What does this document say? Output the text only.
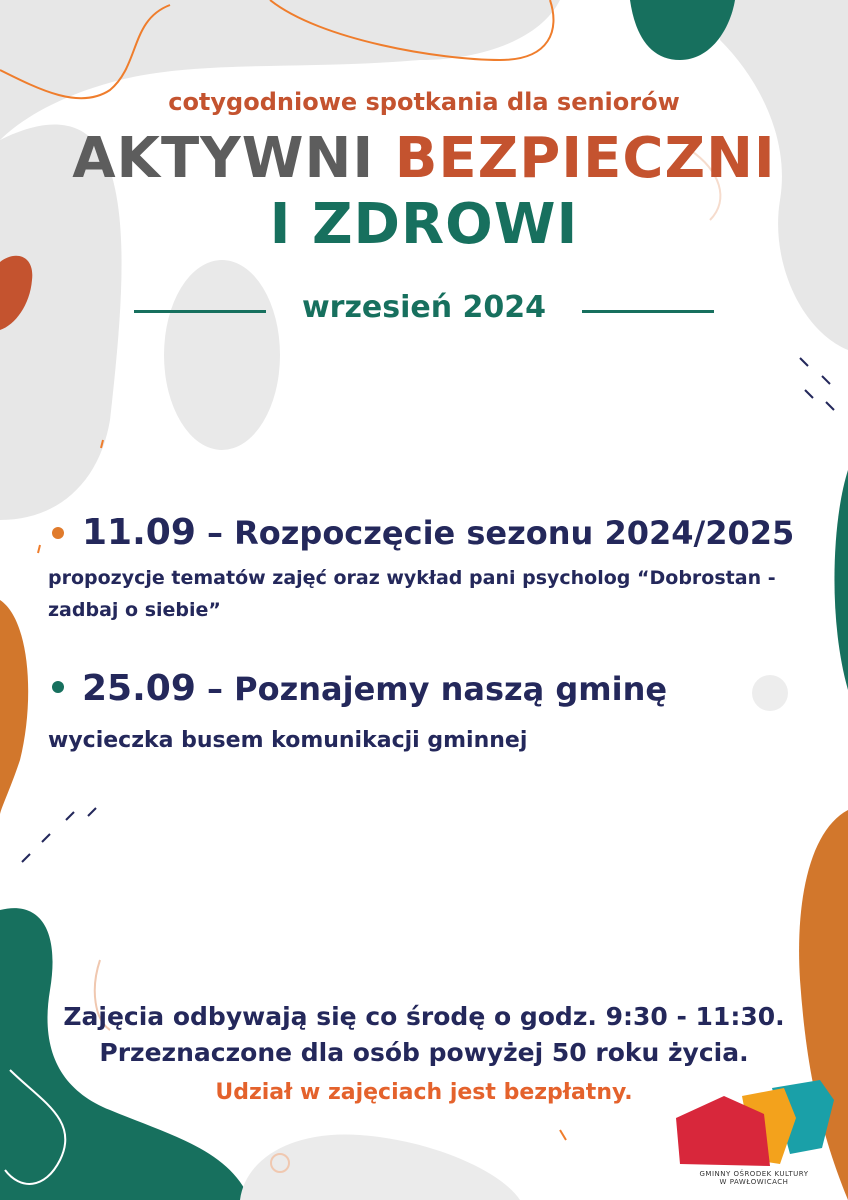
cotygodniowe spotkania dla seniorów
AKTYWNI BEZPIECZNI
I ZDROWI
wrzesień 2024
11.09 – Rozpoczęcie sezonu 2024/2025
propozycje tematów zajęć oraz wykład pani psycholog “Dobrostan -
zadbaj o siebie”
25.09 – Poznajemy naszą gminę
wycieczka busem komunikacji gminnej
Zajęcia odbywają się co środę o godz. 9:30 - 11:30.
Przeznaczone dla osób powyżej 50 roku życia.
Udział w zajęciach jest bezpłatny.
GMINNY OŚRODEK KULTURY
W PAWŁOWICACH
